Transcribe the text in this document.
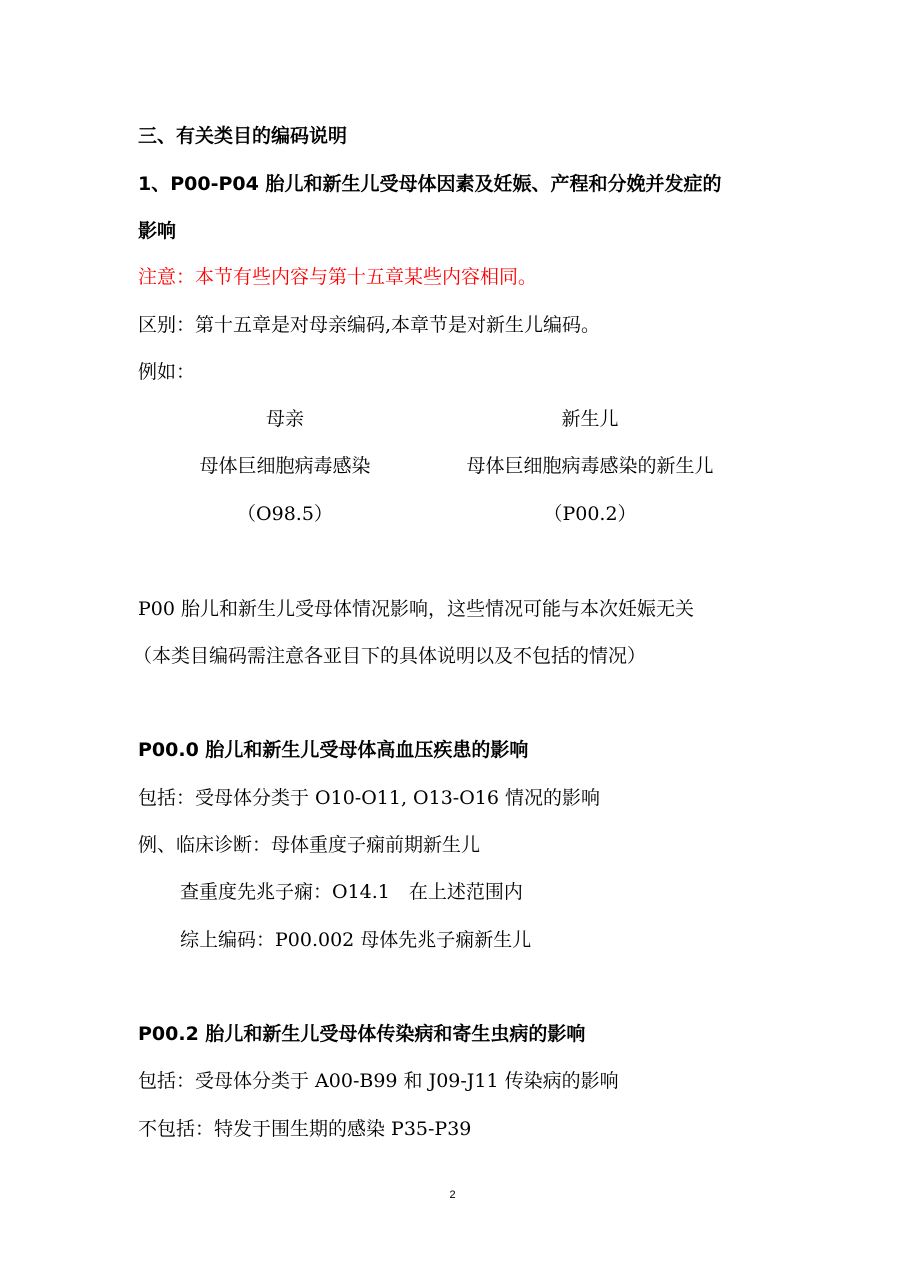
三、有关类目的编码说明
1、P00-P04 胎儿和新生儿受母体因素及妊娠、产程和分娩并发症的
影响
注意：本节有些内容与第十五章某些内容相同。
区别：第十五章是对母亲编码,本章节是对新生儿编码。
例如：
母亲	新生儿
母体巨细胞病毒感染	母体巨细胞病毒感染的新生儿
（O98.5）	（P00.2）
P00 胎儿和新生儿受母体情况影响，这些情况可能与本次妊娠无关
（本类目编码需注意各亚目下的具体说明以及不包括的情况）
P00.0 胎儿和新生儿受母体高血压疾患的影响
包括：受母体分类于 O10-O11, O13-O16 情况的影响
例、临床诊断：母体重度子痫前期新生儿
查重度先兆子痫：O14.1　在上述范围内
综上编码：P00.002 母体先兆子痫新生儿
P00.2 胎儿和新生儿受母体传染病和寄生虫病的影响
包括：受母体分类于 A00-B99 和 J09-J11 传染病的影响
不包括：特发于围生期的感染 P35-P39
2
